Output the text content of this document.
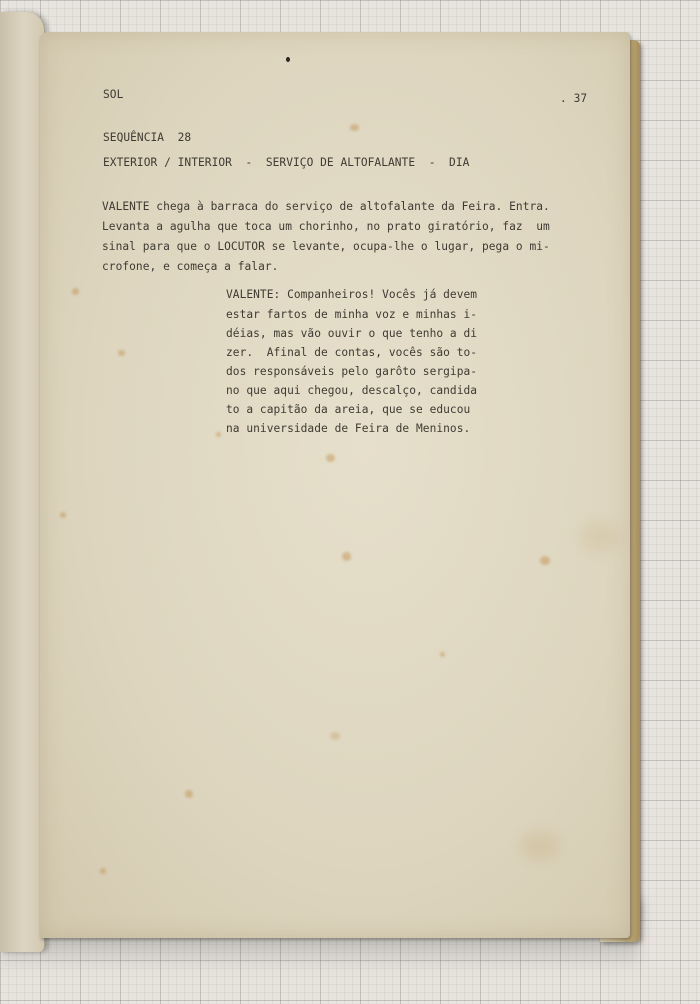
SOL	. 37
SEQUÊNCIA  28
EXTERIOR / INTERIOR  -  SERVIÇO DE ALTOFALANTE  -  DIA
VALENTE chega à barraca do serviço de altofalante da Feira. Entra.
Levanta a agulha que toca um chorinho, no prato giratório, faz  um
sinal para que o LOCUTOR se levante, ocupa-lhe o lugar, pega o mi-
crofone, e começa a falar.
VALENTE: Companheiros! Vocês já devem
estar fartos de minha voz e minhas i-
déias, mas vão ouvir o que tenho a di
zer.  Afinal de contas, vocês são to-
dos responsáveis pelo garôto sergipa-
no que aqui chegou, descalço, candida
to a capitão da areia, que se educou
na universidade de Feira de Meninos.
